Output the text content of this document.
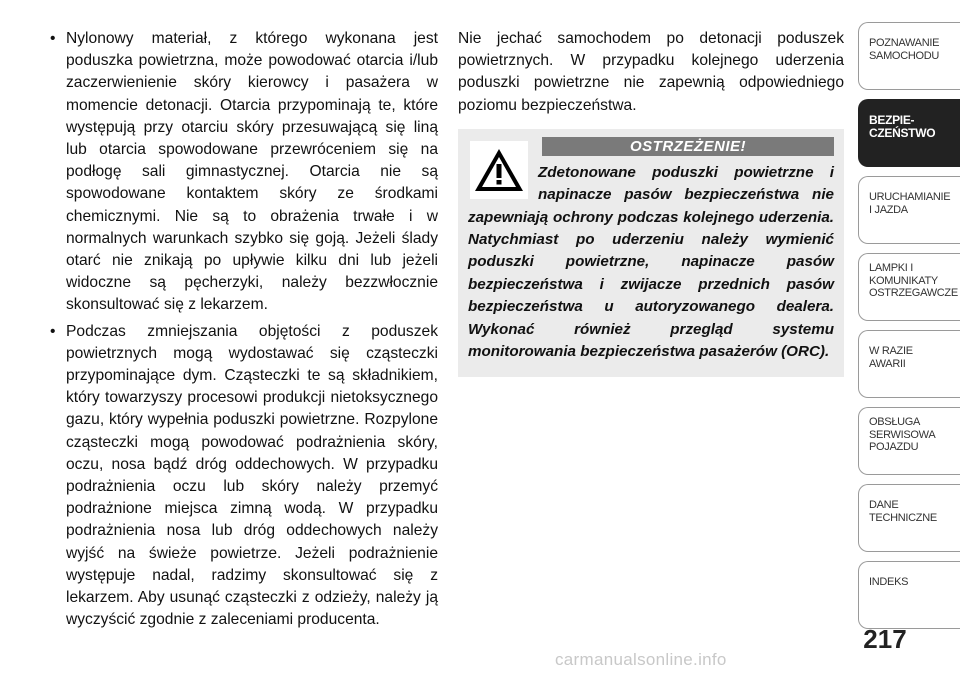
• Nylonowy materiał, z którego wykonana jest poduszka powietrzna, może powodować otarcia i/lub zaczerwienienie skóry kierowcy i pasażera w momencie detonacji. Otarcia przypominają te, które występują przy otarciu skóry przesuwającą się liną lub otarcia spowodowane przewróceniem się na podłogę sali gimnastycznej. Otarcia nie są spowodowane kontaktem skóry ze środkami chemicznymi. Nie są to obrażenia trwałe i w normalnych warunkach szybko się goją. Jeżeli ślady otarć nie znikają po upływie kilku dni lub jeżeli widoczne są pęcherzyki, należy bezzwłocznie skonsultować się z lekarzem.
• Podczas zmniejszania objętości z poduszek powietrznych mogą wydostawać się cząsteczki przypominające dym. Cząsteczki te są składnikiem, który towarzyszy procesowi produkcji nietoksycznego gazu, który wypełnia poduszki powietrzne. Rozpylone cząsteczki mogą powodować podrażnienia skóry, oczu, nosa bądź dróg oddechowych. W przypadku podrażnienia oczu lub skóry należy przemyć podrażnione miejsca zimną wodą. W przypadku podrażnienia nosa lub dróg oddechowych należy wyjść na świeże powietrze. Jeżeli podrażnienie występuje nadal, radzimy skonsultować się z lekarzem. Aby usunąć cząsteczki z odzieży, należy ją wyczyścić zgodnie z zaleceniami producenta.

Nie jechać samochodem po detonacji poduszek powietrznych. W przypadku kolejnego uderzenia poduszki powietrzne nie zapewnią odpowiedniego poziomu bezpieczeństwa.

OSTRZEŻENIE!

Zdetonowane poduszki powietrzne i napinacze pasów bezpieczeństwa nie zapewniają ochrony podczas kolejnego uderzenia. Natychmiast po uderzeniu należy wymienić poduszki powietrzne, napinacze pasów bezpieczeństwa i zwijacze przednich pasów bezpieczeństwa u autoryzowanego dealera. Wykonać również przegląd systemu monitorowania bezpieczeństwa pasażerów (ORC).

POZNAWANIE
SAMOCHODU
BEZPIE-
CZEŃSTWO
URUCHAMIANIE
I JAZDA
LAMPKI I
KOMUNIKATY
OSTRZEGAWCZE
W RAZIE
AWARII
OBSŁUGA
SERWISOWA
POJAZDU
DANE
TECHNICZNE
INDEKS
217
carmanualsonline.info
